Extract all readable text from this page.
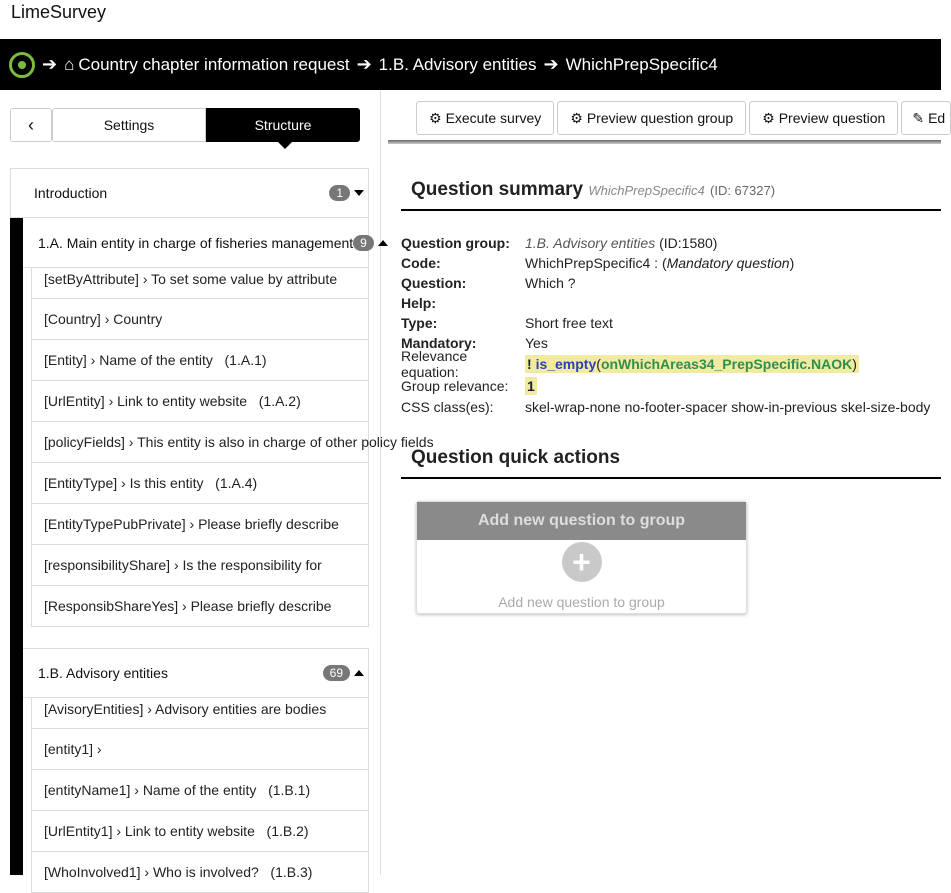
LimeSurvey
➔ ⌂ Country chapter information request ➔ 1.B. Advisory entities ➔ WhichPrepSpecific4
‹	Settings	Structure
Introduction	1
1.A. Main entity in charge of fisheries management 9
[setByAttribute] › To set some value by attribute
[Country] › Country
[Entity] › Name of the entity   (1.A.1)
[UrlEntity] › Link to entity website   (1.A.2)
[policyFields] › This entity is also in charge of other policy fields
[EntityType] › Is this entity   (1.A.4)
[EntityTypePubPrivate] › Please briefly describe
[responsibilityShare] › Is the responsibility for
[ResponsibShareYes] › Please briefly describe
1.B. Advisory entities	69
[AvisoryEntities] › Advisory entities are bodies
[entity1] ›
[entityName1] › Name of the entity   (1.B.1)
[UrlEntity1] › Link to entity website   (1.B.2)
[WhoInvolved1] › Who is involved?   (1.B.3)
⚙ Execute survey ⚙ Preview question group ⚙ Preview question ✎ Ed
Question summary WhichPrepSpecific4 (ID: 67327)
Question group:	1.B. Advisory entities (ID:1580)
Code:	WhichPrepSpecific4 : (Mandatory question)
Question:	Which ?
Help:
Type:	Short free text
Mandatory:	Yes
Relevance equation:	! is_empty(onWhichAreas34_PrepSpecific.NAOK)
Group relevance:	1
CSS class(es):	skel-wrap-none no-footer-spacer show-in-previous skel-size-body
Question quick actions
Add new question to group
+
Add new question to group
